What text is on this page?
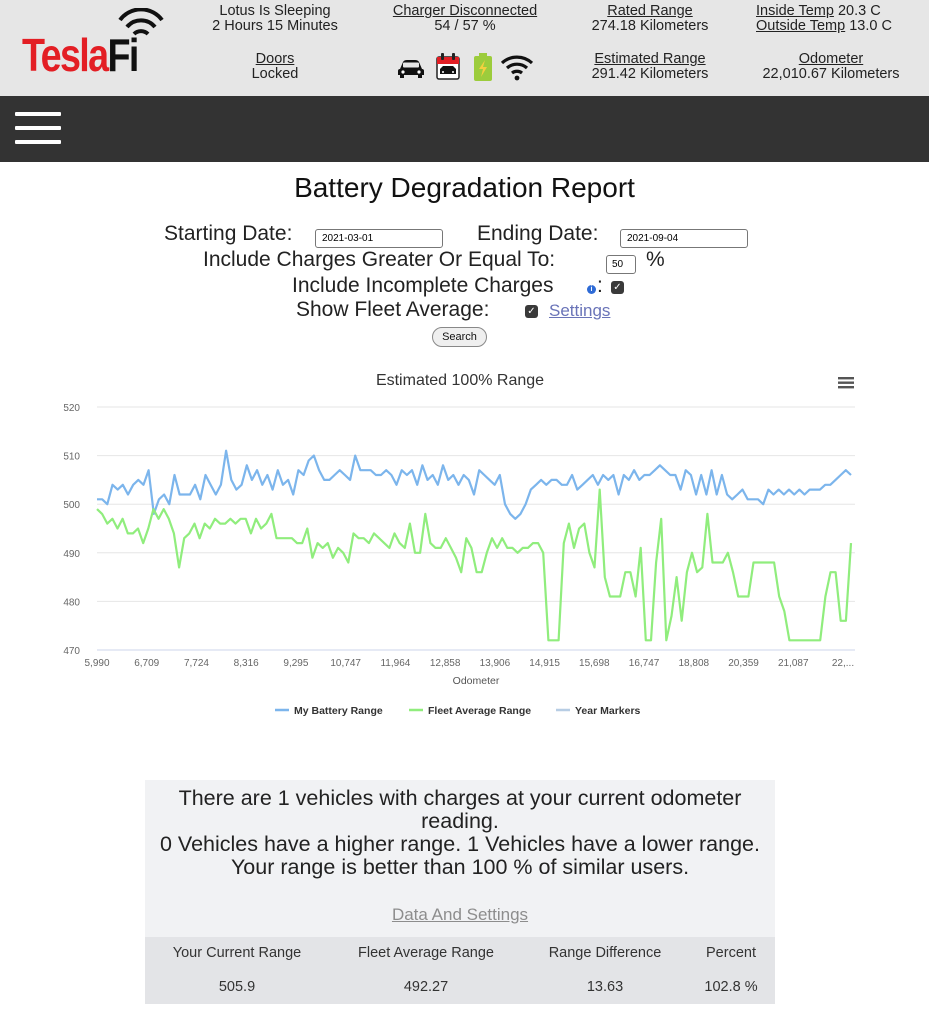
TeslaFi
Lotus Is Sleeping
2 Hours 15 Minutes
Charger Disconnected
54 / 57 %
Rated Range
274.18 Kilometers
Inside Temp 20.3 C
Outside Temp 13.0 C
Doors
Locked
Estimated Range
291.42 Kilometers
Odometer
22,010.67 Kilometers
Battery Degradation Report
Starting Date:
2021-03-01	Ending Date:
2021-09-04
Include Charges Greater Or Equal To:
50	%
Include Incomplete Charges	i : ✓
Show Fleet Average:	✓ Settings
Search
Estimated 100% Range
470
480
490
500
510
520
5,990 6,709 7,724 8,316 9,295 10,747 11,964 12,858 13,906 14,915 15,698 16,747 18,808 20,359 21,087 22,...
Odometer
My Battery Range	Fleet Average Range	Year Markers
There are 1 vehicles with charges at your current odometer reading.
0 Vehicles have a higher range. 1 Vehicles have a lower range.
Your range is better than 100 % of similar users.
Data And Settings
Your Current Range	Fleet Average Range	Range Difference	Percent
505.9	492.27	13.63	102.8 %
